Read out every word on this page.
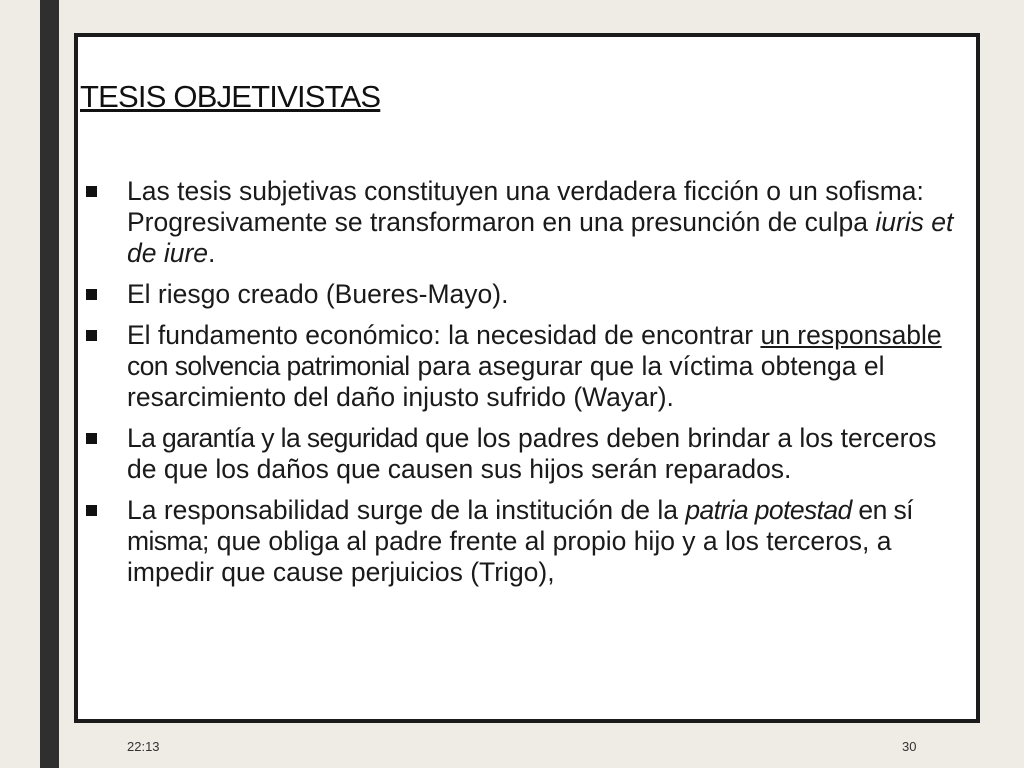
TESIS OBJETIVISTAS
Las tesis subjetivas constituyen una verdadera ficción o un sofisma: Progresivamente se transformaron en una presunción de culpa iuris et de iure.
El riesgo creado (Bueres-Mayo).
El fundamento económico: la necesidad de encontrar un responsable con solvencia patrimonial para asegurar que la víctima obtenga el resarcimiento del daño injusto sufrido (Wayar).
La garantía y la seguridad que los padres deben brindar a los terceros de que los daños que causen sus hijos serán reparados.
La responsabilidad surge de la institución de la patria potestad en sí misma; que obliga al padre frente al propio hijo y a los terceros, a impedir que cause perjuicios (Trigo),
22:13	30
